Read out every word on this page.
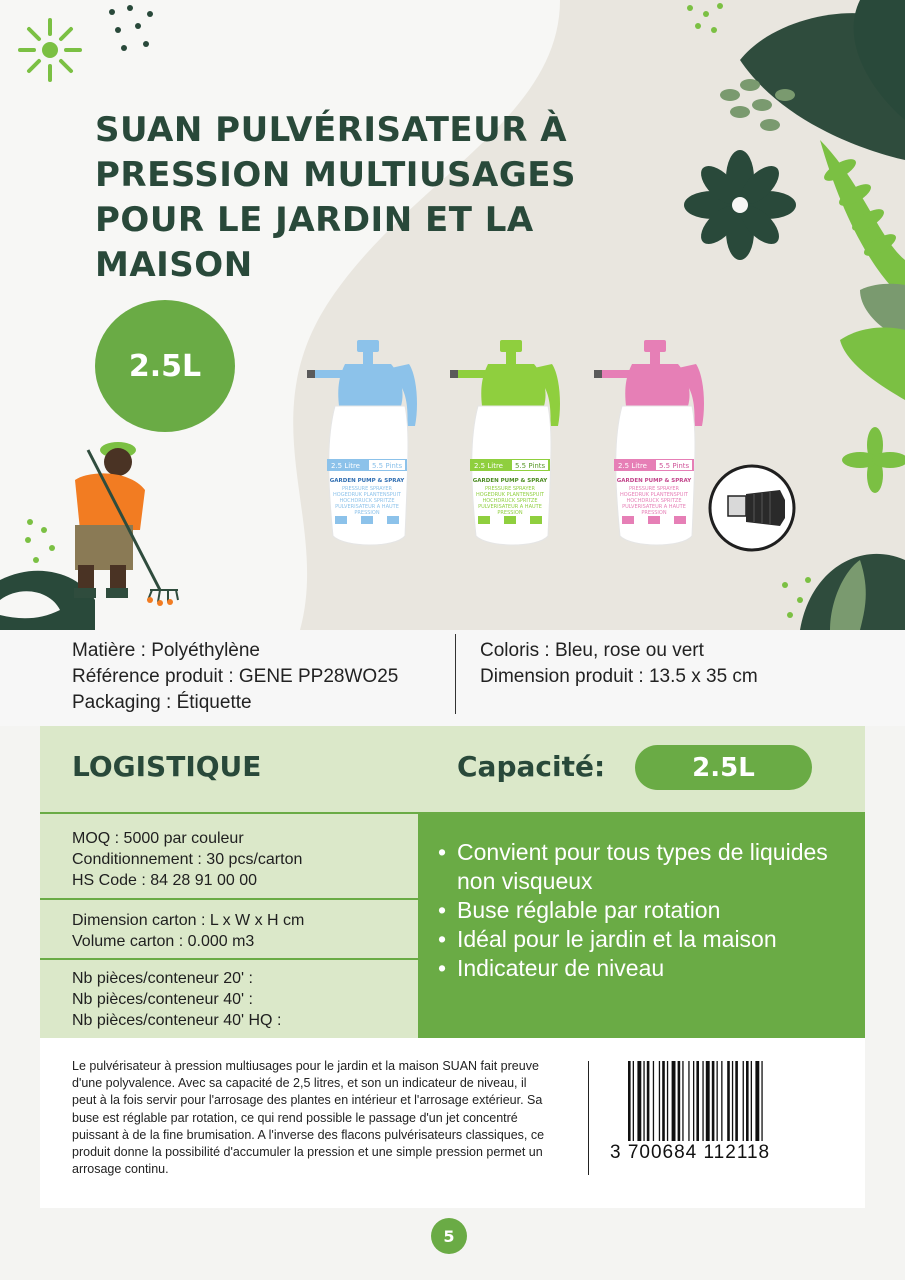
SUAN PULVÉRISATEUR À PRESSION MULTIUSAGES POUR LE JARDIN ET LA MAISON
2.5L
2.5 Litre 5.5 Pints
GARDEN PUMP & SPRAY
PRESSURE SPRAYER
HOGEDRUK PLANTENSPUIT
HOCHDRUCK SPRITZE
PULVERISATEUR A HAUTE
PRESSION
2.5 Litre 5.5 Pints
GARDEN PUMP & SPRAY
PRESSURE SPRAYER
HOGEDRUK PLANTENSPUIT
HOCHDRUCK SPRITZE
PULVERISATEUR A HAUTE
PRESSION
2.5 Litre 5.5 Pints
GARDEN PUMP & SPRAY
PRESSURE SPRAYER
HOGEDRUK PLANTENSPUIT
HOCHDRUCK SPRITZE
PULVERISATEUR A HAUTE
PRESSION
Matière : Polyéthylène
Référence produit : GENE PP28WO25
Packaging : Étiquette
Coloris : Bleu, rose ou vert
Dimension produit : 13.5 x 35 cm
LOGISTIQUE	Capacité:	2.5L
MOQ : 5000 par couleur
Conditionnement : 30 pcs/carton
HS Code : 84 28 91 00 00
Dimension carton : L x W x H cm
Volume carton : 0.000 m3
Nb pièces/conteneur 20' :
Nb pièces/conteneur 40' :
Nb pièces/conteneur 40' HQ :
• Convient pour tous types de liquides non visqueux
• Buse réglable par rotation
• Idéal pour le jardin et la maison
• Indicateur de niveau

Le pulvérisateur à pression multiusages pour le jardin et la maison SUAN fait preuve d'une polyvalence. Avec sa capacité de 2,5 litres, et son un indicateur de niveau, il peut à la fois servir pour l'arrosage des plantes en intérieur et l'arrosage extérieur. Sa buse est réglable par rotation, ce qui rend possible le passage d'un jet concentré puissant à de la fine brumisation. A l'inverse des flacons pulvérisateurs classiques, ce produit donne la possibilité d'accumuler la pression et une simple pression permet un arrosage continu.

3 700684 112118
5
